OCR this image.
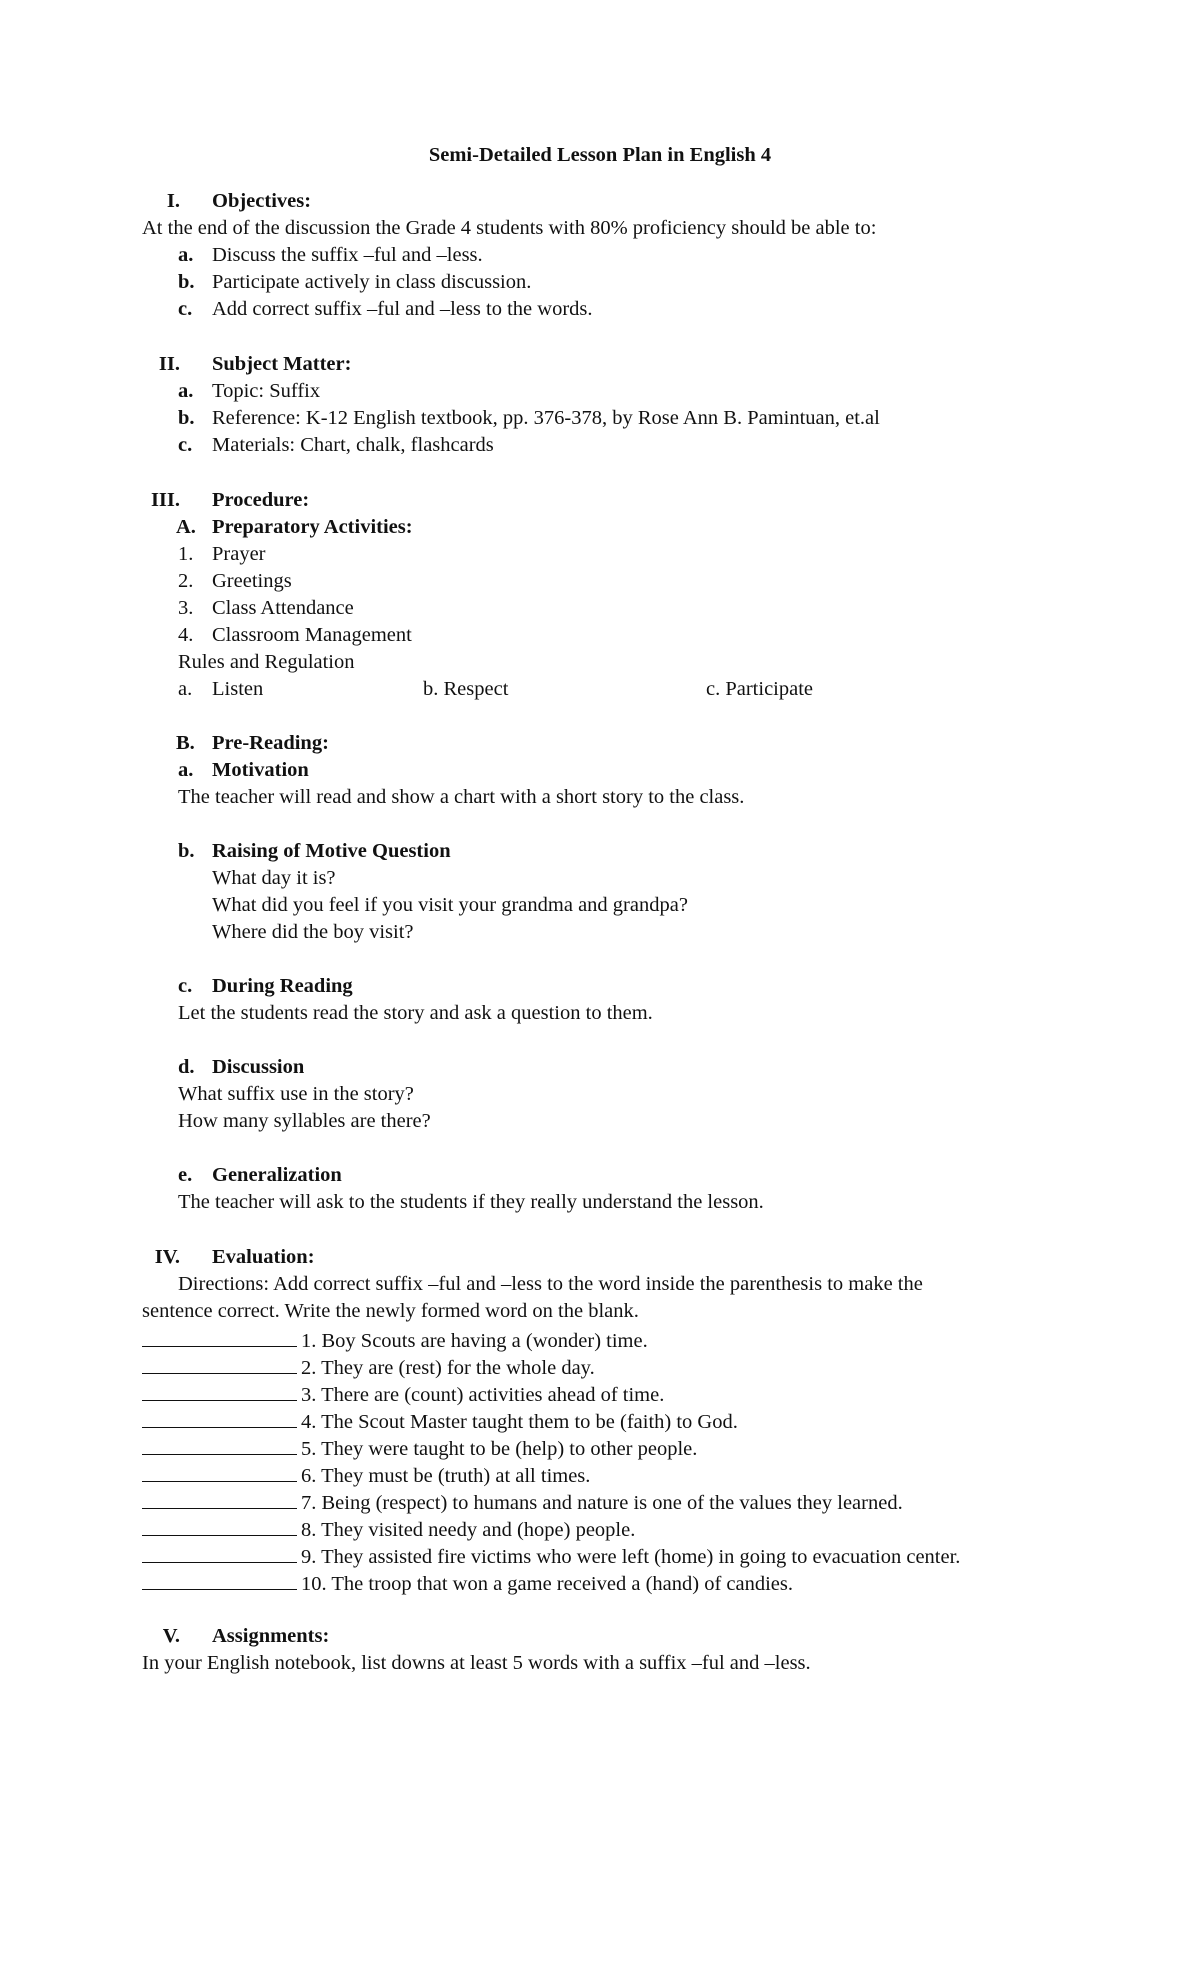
Semi-Detailed Lesson Plan in English 4
I. Objectives:
At the end of the discussion the Grade 4 students with 80% proficiency should be able to:
a. Discuss the suffix –ful and –less.
b. Participate actively in class discussion.
c. Add correct suffix –ful and –less to the words.
II. Subject Matter:
a. Topic: Suffix
b. Reference: K-12 English textbook, pp. 376-378, by Rose Ann B. Pamintuan, et.al
c. Materials: Chart, chalk, flashcards
III. Procedure:
A. Preparatory Activities:
1. Prayer
2. Greetings
3. Class Attendance
4. Classroom Management
Rules and Regulation
a. Listen	b. Respect	c. Participate
B. Pre-Reading:
a. Motivation
The teacher will read and show a chart with a short story to the class.
b. Raising of Motive Question
What day it is?
What did you feel if you visit your grandma and grandpa?
Where did the boy visit?
c. During Reading
Let the students read the story and ask a question to them.
d. Discussion
What suffix use in the story?
How many syllables are there?
e. Generalization
The teacher will ask to the students if they really understand the lesson.
IV. Evaluation:
Directions: Add correct suffix –ful and –less to the word inside the parenthesis to make the
sentence correct. Write the newly formed word on the blank.
1. Boy Scouts are having a (wonder) time.
2. They are (rest) for the whole day.
3. There are (count) activities ahead of time.
4. The Scout Master taught them to be (faith) to God.
5. They were taught to be (help) to other people.
6. They must be (truth) at all times.
7. Being (respect) to humans and nature is one of the values they learned.
8. They visited needy and (hope) people.
9. They assisted fire victims who were left (home) in going to evacuation center.
10. The troop that won a game received a (hand) of candies.
V. Assignments:
In your English notebook, list downs at least 5 words with a suffix –ful and –less.
